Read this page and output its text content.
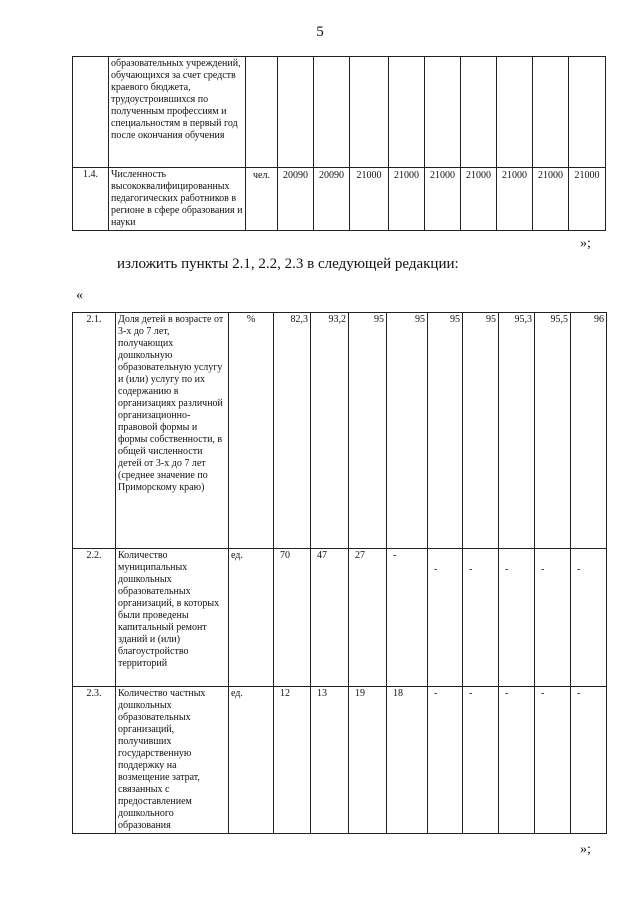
5
	образовательных учреждений, обучающихся за счет средств краевого бюджета, трудоустроившихся по полученным профессиям и специальностям в первый год после окончания обучения										
1.4.	Численность высококвалифицированных педагогических работников в регионе в сфере образования и науки	чел.	20090	20090	21000	21000	21000	21000	21000	21000	21000
»;
изложить пункты 2.1, 2.2, 2.3 в следующей редакции:
«
2.1.	Доля детей в возрасте от 3-х до 7 лет, получающих дошкольную образовательную услугу и (или) услугу по их содержанию в организациях различной организационно-правовой формы и формы собственности, в общей численности детей от 3-х до 7 лет (среднее значение по Приморскому краю)	%	82,3	93,2	95	95	95	95	95,3	95,5	96
2.2.	Количество муниципальных дошкольных образовательных организаций, в которых были проведены капитальный ремонт зданий и (или) благоустройство территорий	ед.	70	47	27	-	-	-	-	-	-
2.3.	Количество частных дошкольных образовательных организаций, получивших государственную поддержку на возмещение затрат, связанных с предоставлением дошкольного образования	ед.	12	13	19	18	-	-	-	-	-
»;
